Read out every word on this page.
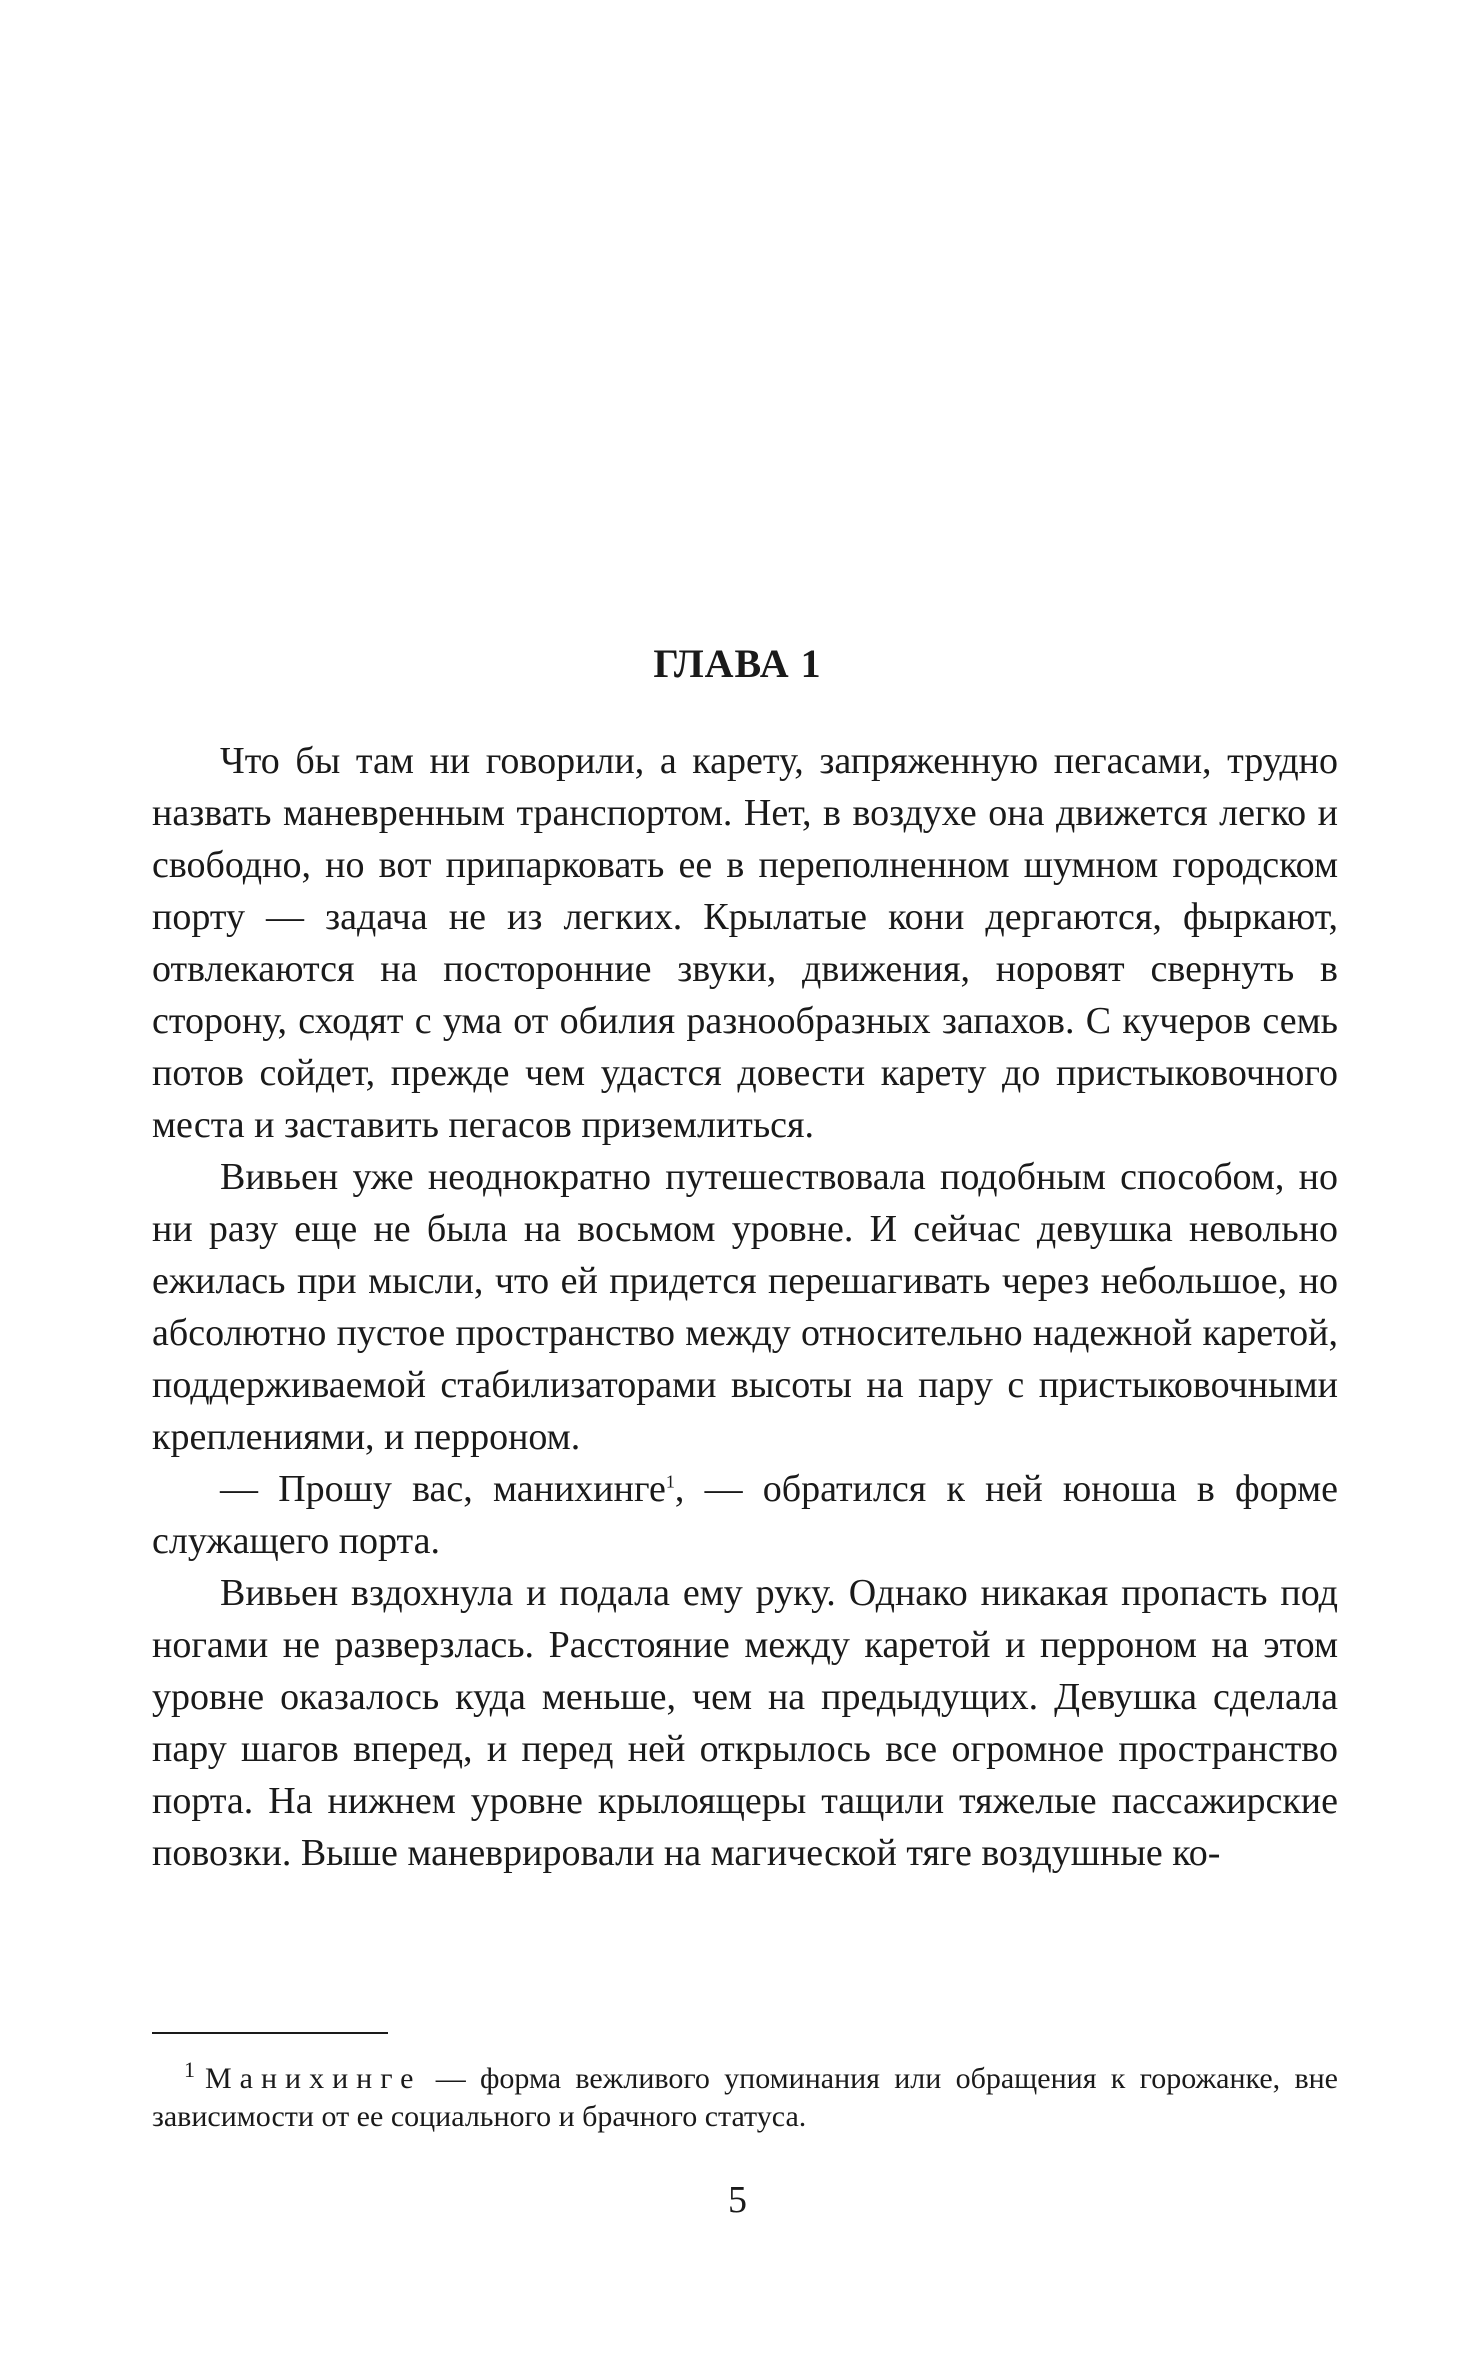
ГЛАВА 1

Что бы там ни говорили, а карету, запряженную пегасами, трудно назвать маневренным транспортом. Нет, в воздухе она движется легко и свободно, но вот припарковать ее в переполненном шумном городском порту — задача не из легких. Крылатые кони дергаются, фыркают, отвлекаются на посторонние звуки, движения, норовят свернуть в сторону, сходят с ума от обилия разнообразных запахов. С кучеров семь потов сойдет, прежде чем удастся довести карету до пристыковочного места и заставить пегасов приземлиться.

Вивьен уже неоднократно путешествовала подобным способом, но ни разу еще не была на восьмом уровне. И сейчас девушка невольно ежилась при мысли, что ей придется перешагивать через небольшое, но абсолютно пустое пространство между относительно надежной каретой, поддерживаемой стабилизаторами высоты на пару с пристыковочными креплениями, и перроном.

— Прошу вас, манихинге$^1$, — обратился к ней юноша в форме служащего порта.

Вивьен вздохнула и подала ему руку. Однако никакая пропасть под ногами не разверзлась. Расстояние между каретой и перроном на этом уровне оказалось куда меньше, чем на предыдущих. Девушка сделала пару шагов вперед, и перед ней открылось все огромное пространство порта. На нижнем уровне крылоящеры тащили тяжелые пассажирские повозки. Выше маневрировали на магической тяге воздушные ко-

$^1$ Манихинге — форма вежливого упоминания или обращения к горожанке, вне зависимости от ее социального и брачного статуса.

5
